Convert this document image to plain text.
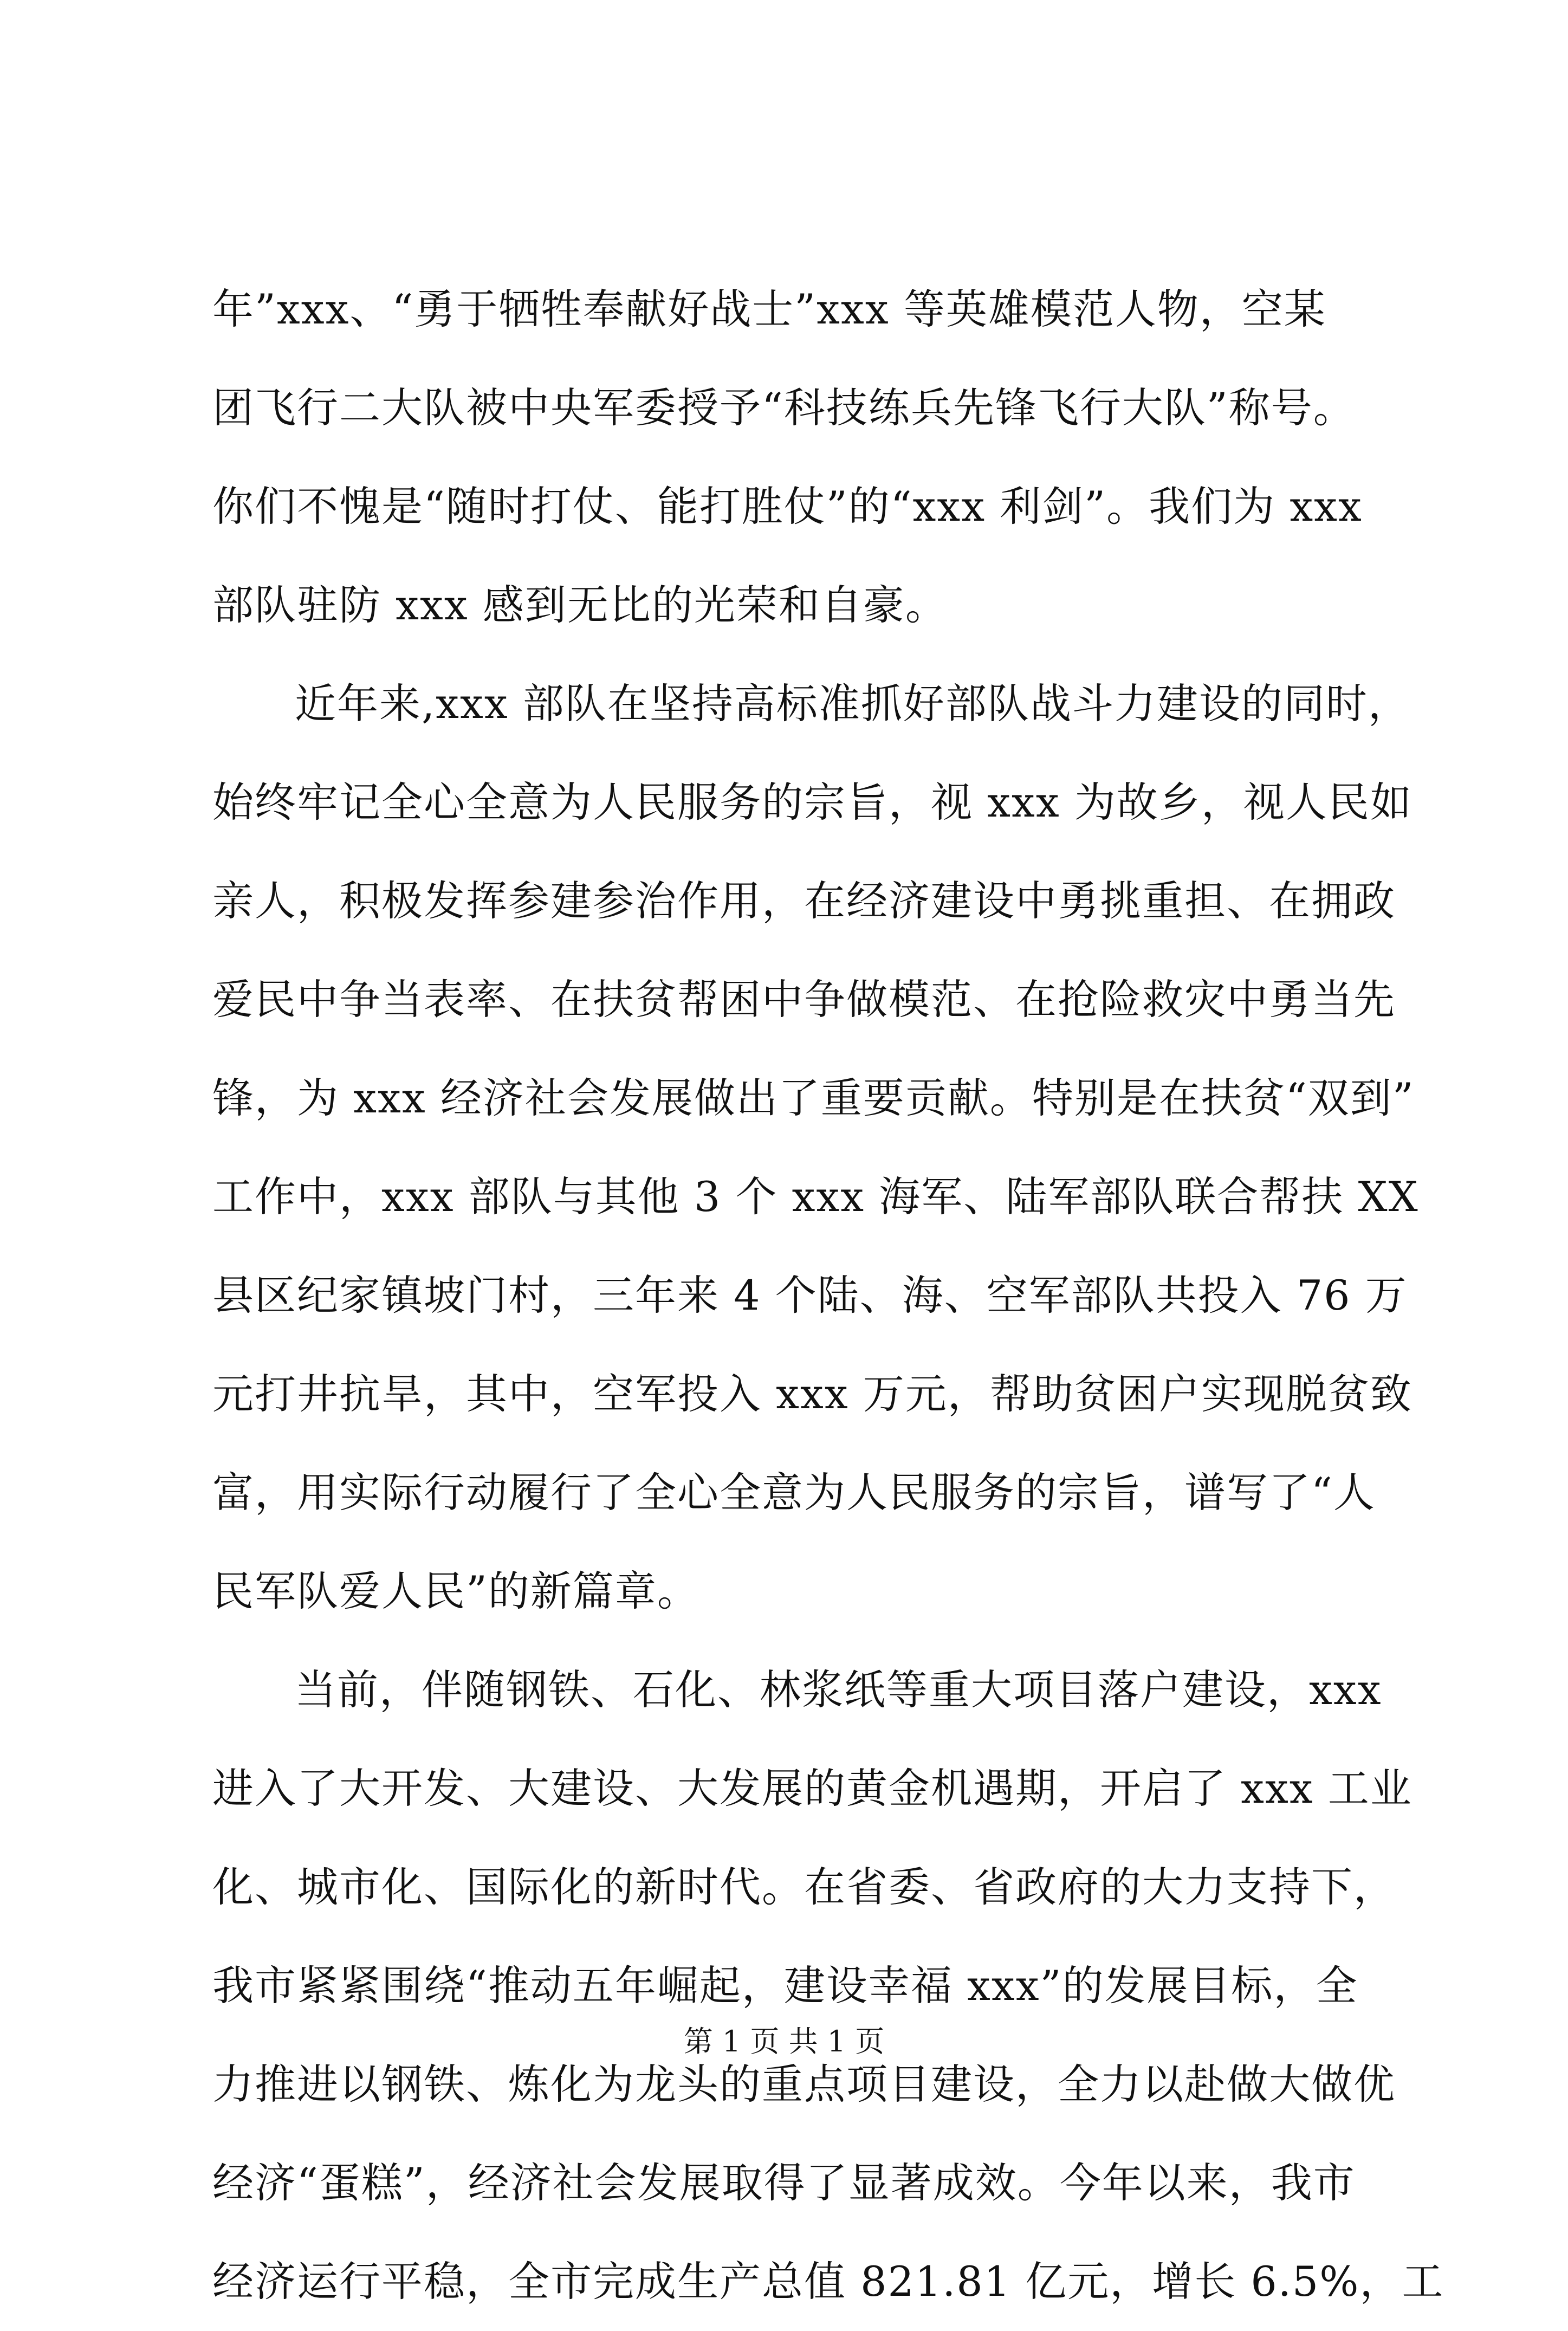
年”xxx、“勇于牺牲奉献好战士”xxx 等英雄模范人物，空某
团飞行二大队被中央军委授予“科技练兵先锋飞行大队”称号。
你们不愧是“随时打仗、能打胜仗”的“xxx 利剑”。我们为 xxx
部队驻防 xxx 感到无比的光荣和自豪。
近年来,xxx 部队在坚持高标准抓好部队战斗力建设的同时，
始终牢记全心全意为人民服务的宗旨，视 xxx 为故乡，视人民如
亲人，积极发挥参建参治作用，在经济建设中勇挑重担、在拥政
爱民中争当表率、在扶贫帮困中争做模范、在抢险救灾中勇当先
锋，为 xxx 经济社会发展做出了重要贡献。特别是在扶贫“双到”
工作中，xxx 部队与其他 3 个 xxx 海军、陆军部队联合帮扶 XX
县区纪家镇坡门村，三年来 4 个陆、海、空军部队共投入 76 万
元打井抗旱，其中，空军投入 xxx 万元，帮助贫困户实现脱贫致
富，用实际行动履行了全心全意为人民服务的宗旨，谱写了“人
民军队爱人民”的新篇章。
当前，伴随钢铁、石化、林浆纸等重大项目落户建设，xxx
进入了大开发、大建设、大发展的黄金机遇期，开启了 xxx 工业
化、城市化、国际化的新时代。在省委、省政府的大力支持下，
我市紧紧围绕“推动五年崛起，建设幸福 xxx”的发展目标，全
力推进以钢铁、炼化为龙头的重点项目建设，全力以赴做大做优
经济“蛋糕”，经济社会发展取得了显著成效。今年以来，我市
经济运行平稳，全市完成生产总值 821.81 亿元，增长 6.5%，工
第 1 页 共 1 页
